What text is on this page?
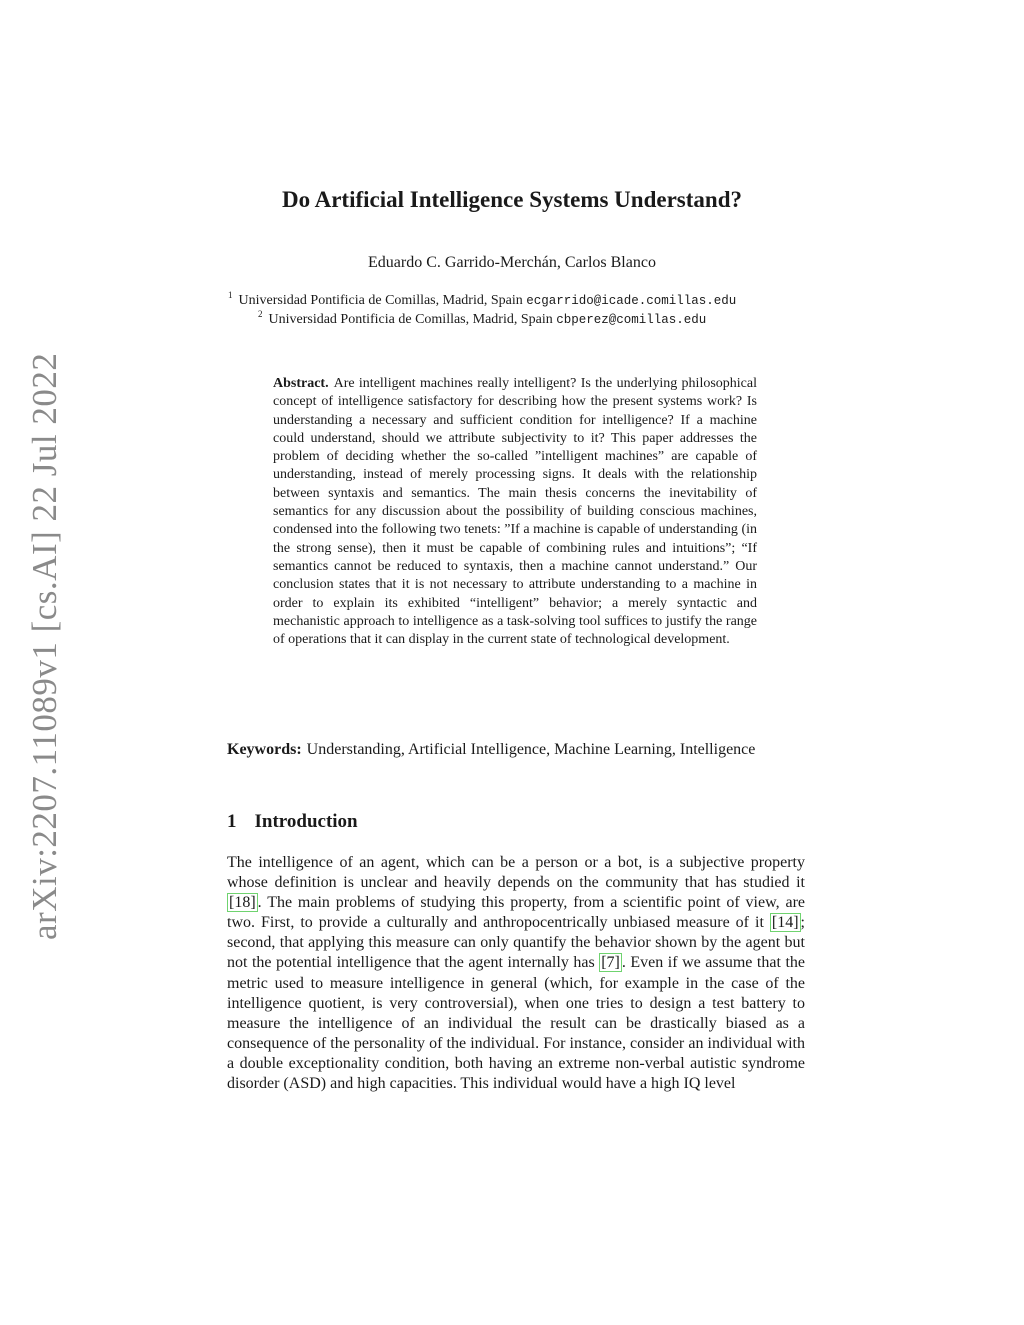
arXiv:2207.11089v1 [cs.AI] 22 Jul 2022
Do Artificial Intelligence Systems Understand?
Eduardo C. Garrido-Merchán, Carlos Blanco
$^1$ Universidad Pontificia de Comillas, Madrid, Spain ecgarrido@icade.comillas.edu
$^2$ Universidad Pontificia de Comillas, Madrid, Spain cbperez@comillas.edu

Abstract. Are intelligent machines really intelligent? Is the underlying philosophical concept of intelligence satisfactory for describing how the present systems work? Is understanding a necessary and sufficient condition for intelligence? If a machine could understand, should we attribute subjectivity to it? This paper addresses the problem of deciding whether the so-called ”intelligent machines” are capable of understanding, instead of merely processing signs. It deals with the relationship between syntaxis and semantics. The main thesis concerns the inevitability of semantics for any discussion about the possibility of building conscious machines, condensed into the following two tenets: ”If a machine is capable of understanding (in the strong sense), then it must be capable of combining rules and intuitions”; “If semantics cannot be reduced to syntaxis, then a machine cannot understand.” Our conclusion states that it is not necessary to attribute understanding to a machine in order to explain its exhibited “intelligent” behavior; a merely syntactic and mechanistic approach to intelligence as a task-solving tool suffices to justify the range of operations that it can display in the current state of technological development.

Keywords: Understanding, Artificial Intelligence, Machine Learning, Intelligence

1 Introduction

The intelligence of an agent, which can be a person or a bot, is a subjective property whose definition is unclear and heavily depends on the community that has studied it [18] . The main problems of studying this property, from a scientific point of view, are two. First, to provide a culturally and anthropocentrically unbiased measure of it [14] ; second, that applying this measure can only quantify the behavior shown by the agent but not the potential intelligence that the agent internally has [7] . Even if we assume that the metric used to measure intelligence in general (which, for example in the case of the intelligence quotient, is very controversial), when one tries to design a test battery to measure the intelligence of an individual the result can be drastically biased as a consequence of the personality of the individual. For instance, consider an individual with a double exceptionality condition, both having an extreme non-verbal autistic syndrome disorder (ASD) and high capacities. This individual would have a high IQ level
